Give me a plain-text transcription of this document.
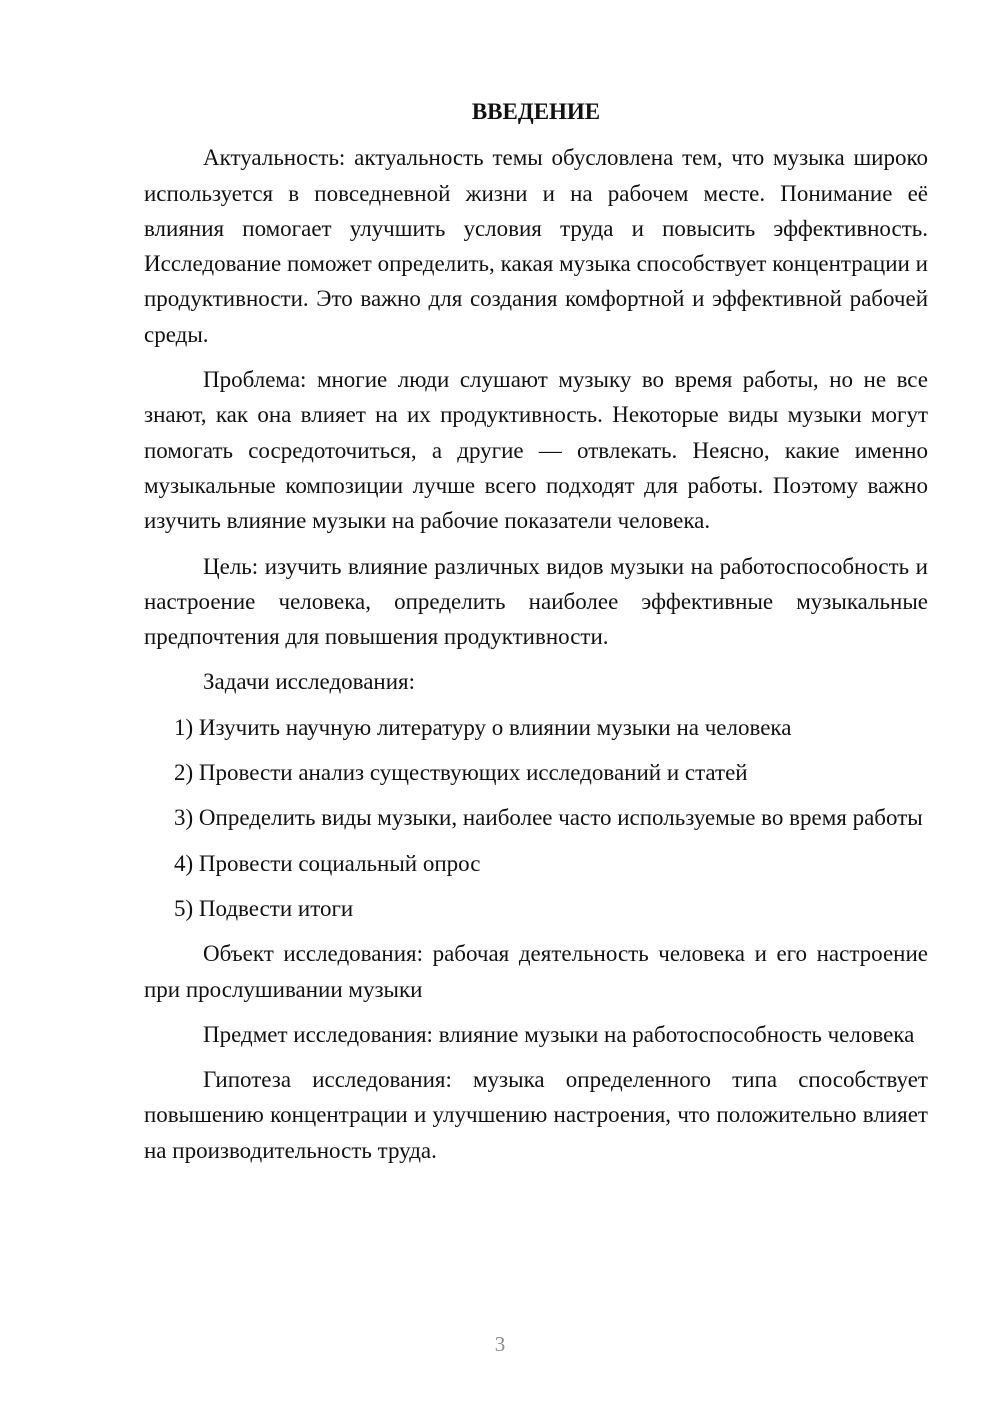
ВВЕДЕНИЕ

Актуальность: актуальность темы обусловлена тем, что музыка широко используется в повседневной жизни и на рабочем месте. Понимание её влияния помогает улучшить условия труда и повысить эффективность. Исследование поможет определить, какая музыка способствует концентрации и продуктивности. Это важно для создания комфортной и эффективной рабочей среды.

Проблема: многие люди слушают музыку во время работы, но не все знают, как она влияет на их продуктивность. Некоторые виды музыки могут помогать сосредоточиться, а другие — отвлекать. Неясно, какие именно музыкальные композиции лучше всего подходят для работы. Поэтому важно изучить влияние музыки на рабочие показатели человека.

Цель: изучить влияние различных видов музыки на работоспособность и настроение человека, определить наиболее эффективные музыкальные предпочтения для повышения продуктивности.

Задачи исследования:

1) Изучить научную литературу о влиянии музыки на человека

2) Провести анализ существующих исследований и статей

3) Определить виды музыки, наиболее часто используемые во время работы

4) Провести социальный опрос

5) Подвести итоги

Объект исследования: рабочая деятельность человека и его настроение при прослушивании музыки

Предмет исследования: влияние музыки на работоспособность человека

Гипотеза исследования: музыка определенного типа способствует повышению концентрации и улучшению настроения, что положительно влияет на производительность труда.

3
